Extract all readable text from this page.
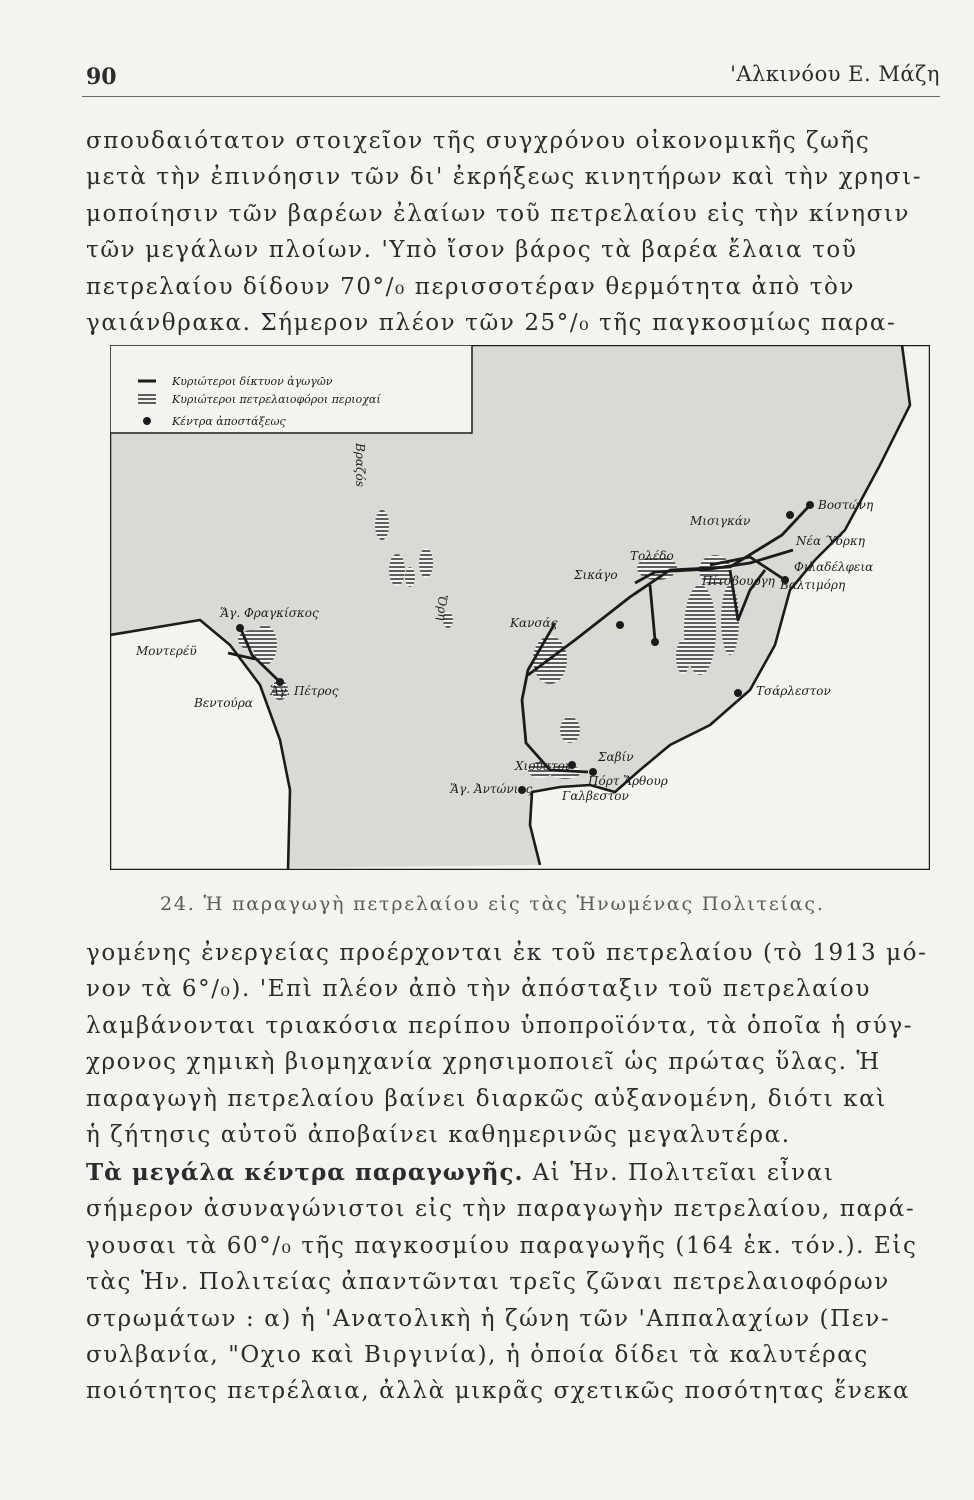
90	'Αλκινόου Ε. Μάζη
σπουδαιότατον στοιχεῖον τῆς συγχρόνου οἰκονομικῆς ζωῆς
μετὰ τὴν ἐπινόησιν τῶν δι' ἐκρήξεως κινητήρων καὶ τὴν χρησι-
μοποίησιν τῶν βαρέων ἐλαίων τοῦ πετρελαίου εἰς τὴν κίνησιν
τῶν μεγάλων πλοίων. 'Υπὸ ἴσον βάρος τὰ βαρέα ἔλαια τοῦ
πετρελαίου δίδουν 70°/₀ περισσοτέραν θερμότητα ἀπὸ τὸν
γαιάνθρακα. Σήμερον πλέον τῶν 25°/₀ τῆς παγκοσμίως παρα-
Κυριώτεροι δίκτυον ἀγωγῶν
Κυριώτεροι πετρελαιοφόροι περιοχαί
Κέντρα ἀποστάξεως
Βραζόs
Ὄρη
Ἅγ. Φραγκίσκος
Μοντερέϋ
Βεντούρα
Ἅγ. Πέτρος
Κανσάς
Σικάγο
Τολέδο
Μισιγκάν
Νέα Ύόρκη
Βοστώνη
Φιλαδέλφεια
Πίτσβουργη Βαλτιμόρη
Τσάρλεστον
Χιούστον
Σαβίν
Πόρτ Ἄρθουρ
Ἅγ. Ἀντώνιος Γαλβεστον
24. Ἡ παραγωγὴ πετρελαίου εἰς τὰς Ἡνωμένας Πολιτείας.
γομένης ἐνεργείας προέρχονται ἐκ τοῦ πετρελαίου (τὸ 1913 μό-
νον τὰ 6°/₀). 'Επὶ πλέον ἀπὸ τὴν ἀπόσταξιν τοῦ πετρελαίου
λαμβάνονται τριακόσια περίπου ὑποπροϊόντα, τὰ ὁποῖα ἡ σύγ-
χρονος χημικὴ βιομηχανία χρησιμοποιεῖ ὡς πρώτας ὕλας. Ἡ
παραγωγὴ πετρελαίου βαίνει διαρκῶς αὐξανομένη, διότι καὶ
ἡ ζήτησις αὐτοῦ ἀποβαίνει καθημερινῶς μεγαλυτέρα.
Τὰ μεγάλα κέντρα παραγωγῆς. Αἱ Ἡν. Πολιτεῖαι εἶναι
σήμερον ἀσυναγώνιστοι εἰς τὴν παραγωγὴν πετρελαίου, παρά-
γουσαι τὰ 60°/₀ τῆς παγκοσμίου παραγωγῆς (164 ἑκ. τόν.). Εἰς
τὰς Ἡν. Πολιτείας ἀπαντῶνται τρεῖς ζῶναι πετρελαιοφόρων
στρωμάτων : α) ἡ 'Ανατολικὴ ἡ ζώνη τῶν 'Αππαλαχίων (Πεν-
συλβανία, "Οχιο καὶ Βιργινία), ἡ ὁποία δίδει τὰ καλυτέρας
ποιότητος πετρέλαια, ἀλλὰ μικρᾶς σχετικῶς ποσότητας ἕνεκα
